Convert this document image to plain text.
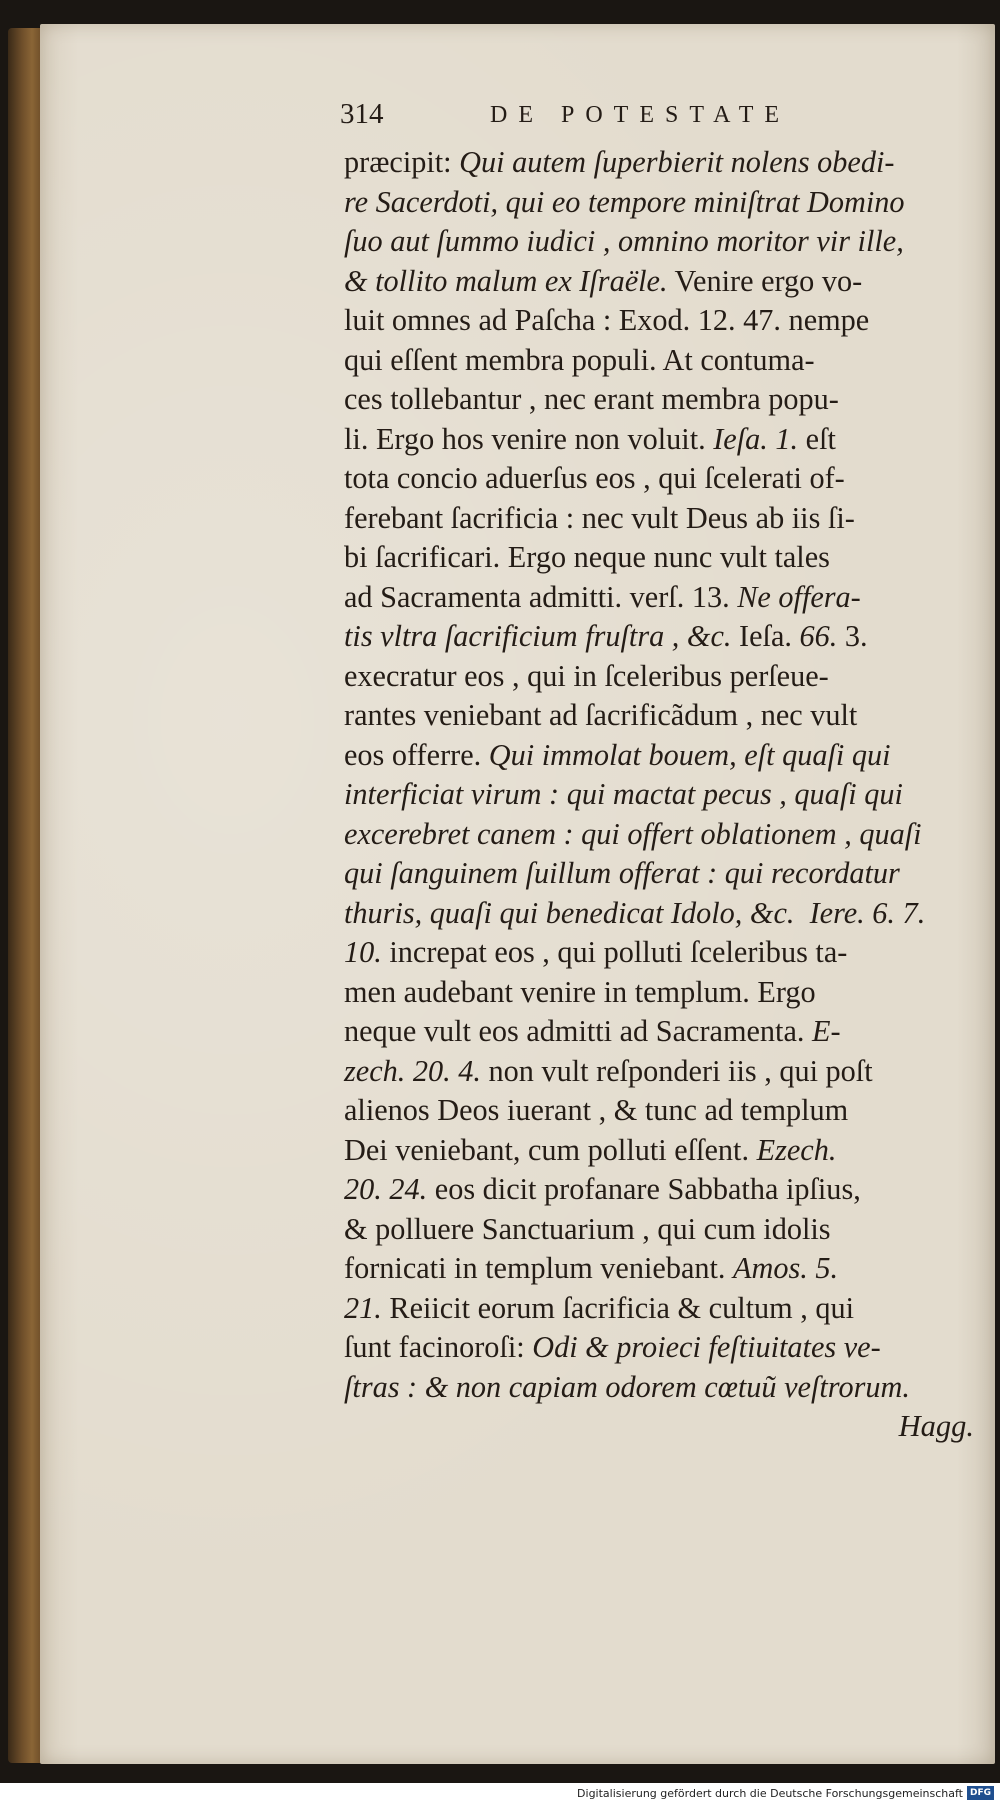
314	DE POTESTATE
præcipit: Qui autem ſuperbierit nolens obedi-
re Sacerdoti, qui eo tempore miniſtrat Domino
ſuo aut ſummo iudici , omnino moritor vir ille,
& tollito malum ex Iſraële. Venire ergo vo-
luit omnes ad Paſcha : Exod. 12. 47. nempe
qui eſſent membra populi. At contuma-
ces tollebantur , nec erant membra popu-
li. Ergo hos venire non voluit. Ieſa. 1. eſt
tota concio aduerſus eos , qui ſcelerati of-
ferebant ſacrificia : nec vult Deus ab iis ſi-
bi ſacrificari. Ergo neque nunc vult tales
ad Sacramenta admitti. verſ. 13. Ne offera-
tis vltra ſacrificium fruſtra , &c. Ieſa. 66. 3.
execratur eos , qui in ſceleribus perſeue-
rantes veniebant ad ſacrificãdum , nec vult
eos offerre. Qui immolat bouem, eſt quaſi qui
interficiat virum : qui mactat pecus , quaſi qui
excerebret canem : qui offert oblationem , quaſi
qui ſanguinem ſuillum offerat : qui recordatur
thuris, quaſi qui benedicat Idolo, &c.  Iere. 6. 7.
10. increpat eos , qui polluti ſceleribus ta-
men audebant venire in templum. Ergo
neque vult eos admitti ad Sacramenta. E-
zech. 20. 4. non vult reſponderi iis , qui poſt
alienos Deos iuerant , & tunc ad templum
Dei veniebant, cum polluti eſſent. Ezech.
20. 24. eos dicit profanare Sabbatha ipſius,
& polluere Sanctuarium , qui cum idolis
fornicati in templum veniebant. Amos. 5.
21. Reiicit eorum ſacrificia & cultum , qui
ſunt facinoroſi: Odi & proieci feſtiuitates ve-
ſtras : & non capiam odorem cœtuũ veſtrorum.
Hagg.
Digitalisierung gefördert durch die Deutsche Forschungsgemeinschaft DFG
